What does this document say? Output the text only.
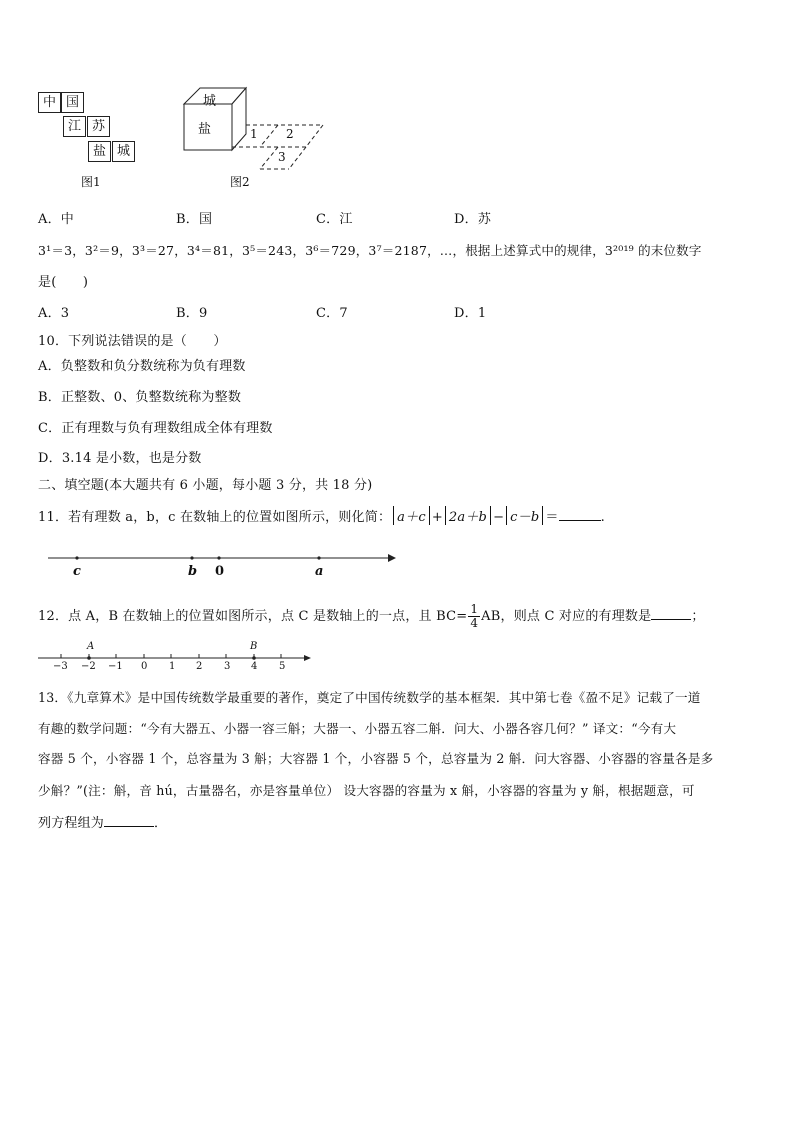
中 国
江 苏
盐 城
图1
城
盐	1 2
3
图2
A．中	B．国	C．江	D．苏
3¹＝3，3²＝9，3³＝27，3⁴＝81，3⁵＝243，3⁶＝729，3⁷＝2187，…，根据上述算式中的规律，3²⁰¹⁹ 的末位数字
是(　　)
A．3	B．9	C．7	D．1
10．下列说法错误的是（　　）
A．负整数和负分数统称为负有理数
B．正整数、0、负整数统称为整数
C．正有理数与负有理数组成全体有理数
D．3.14 是小数，也是分数
二、填空题(本大题共有 6 小题，每小题 3 分，共 18 分)
11．若有理数 a，b，c 在数轴上的位置如图所示，则化简： a＋c + 2a＋b − c－b ＝	.
c	b 0	a
12．点 A，B 在数轴上的位置如图所示，点 C 是数轴上的一点，且 $BC= \frac{1}{4}$ AB，则点 C 对应的有理数是	；
A	B
−3 −2 −1 0 1 2 3 4 5
13．《九章算术》是中国传统数学最重要的著作，奠定了中国传统数学的基本框架．其中第七卷《盈不足》记载了一道
有趣的数学问题：“今有大器五、小器一容三斛；大器一、小器五容二斛．问大、小器各容几何？” 译文：“今有大
容器 5 个，小容器 1 个，总容量为 3 斛；大容器 1 个，小容器 5 个，总容量为 2 斛．问大容器、小容器的容量各是多
少斛？”(注：斛，音 hú，古量器名，亦是容量单位） 设大容器的容量为 x 斛，小容器的容量为 y 斛，根据题意，可
列方程组为	．
